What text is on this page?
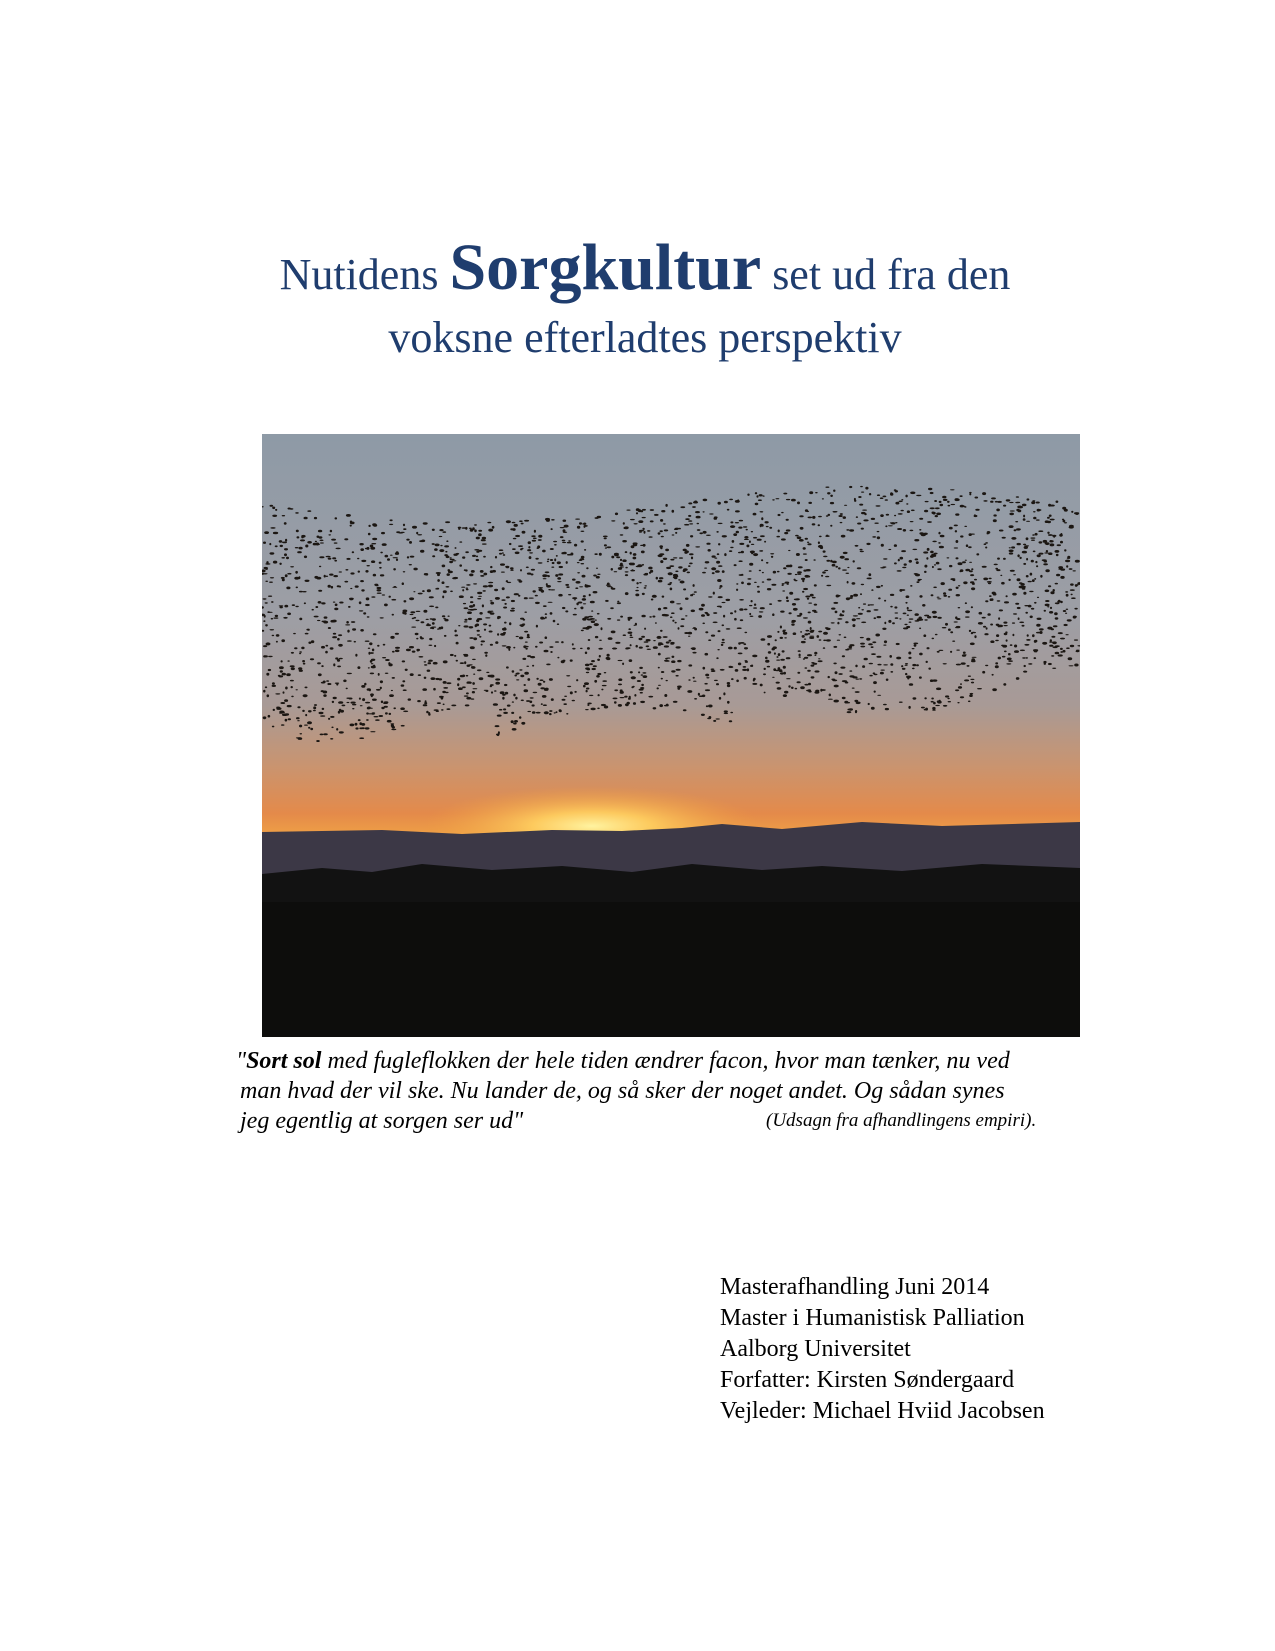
Nutidens Sorgkultur set ud fra den
voksne efterladtes perspektiv
"Sort sol med fugleflokken der hele tiden ændrer facon, hvor man tænker, nu ved
man hvad der vil ske. Nu lander de, og så sker der noget andet. Og sådan synes
jeg egentlig at sorgen ser ud"	(Udsagn fra afhandlingens empiri).
Masterafhandling Juni 2014
Master i Humanistisk Palliation
Aalborg Universitet
Forfatter: Kirsten Søndergaard
Vejleder: Michael Hviid Jacobsen
